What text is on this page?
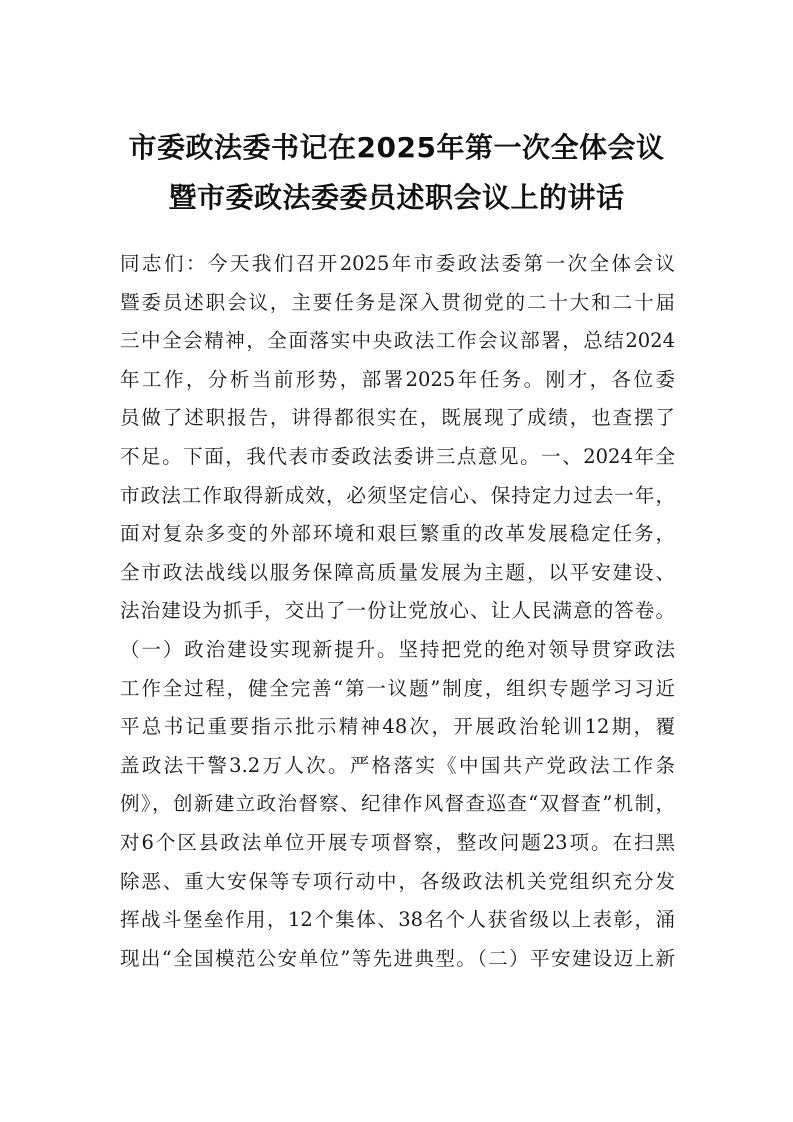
市委政法委书记在2025年第一次全体会议
暨市委政法委委员述职会议上的讲话
同志们：今天我们召开2025年市委政法委第一次全体会议
暨委员述职会议，主要任务是深入贯彻党的二十大和二十届
三中全会精神，全面落实中央政法工作会议部署，总结2024
年工作，分析当前形势，部署2025年任务。刚才，各位委
员做了述职报告，讲得都很实在，既展现了成绩，也查摆了
不足。下面，我代表市委政法委讲三点意见。一、2024年全
市政法工作取得新成效，必须坚定信心、保持定力过去一年，
面对复杂多变的外部环境和艰巨繁重的改革发展稳定任务，
全市政法战线以服务保障高质量发展为主题，以平安建设、
法治建设为抓手，交出了一份让党放心、让人民满意的答卷。
（一）政治建设实现新提升。坚持把党的绝对领导贯穿政法
工作全过程，健全完善“第一议题”制度，组织专题学习习近
平总书记重要指示批示精神48次，开展政治轮训12期，覆
盖政法干警3.2万人次。严格落实《中国共产党政法工作条
例》，创新建立政治督察、纪律作风督查巡查“双督查”机制，
对6个区县政法单位开展专项督察，整改问题23项。在扫黑
除恶、重大安保等专项行动中，各级政法机关党组织充分发
挥战斗堡垒作用，12个集体、38名个人获省级以上表彰，涌
现出“全国模范公安单位”等先进典型。（二）平安建设迈上新
